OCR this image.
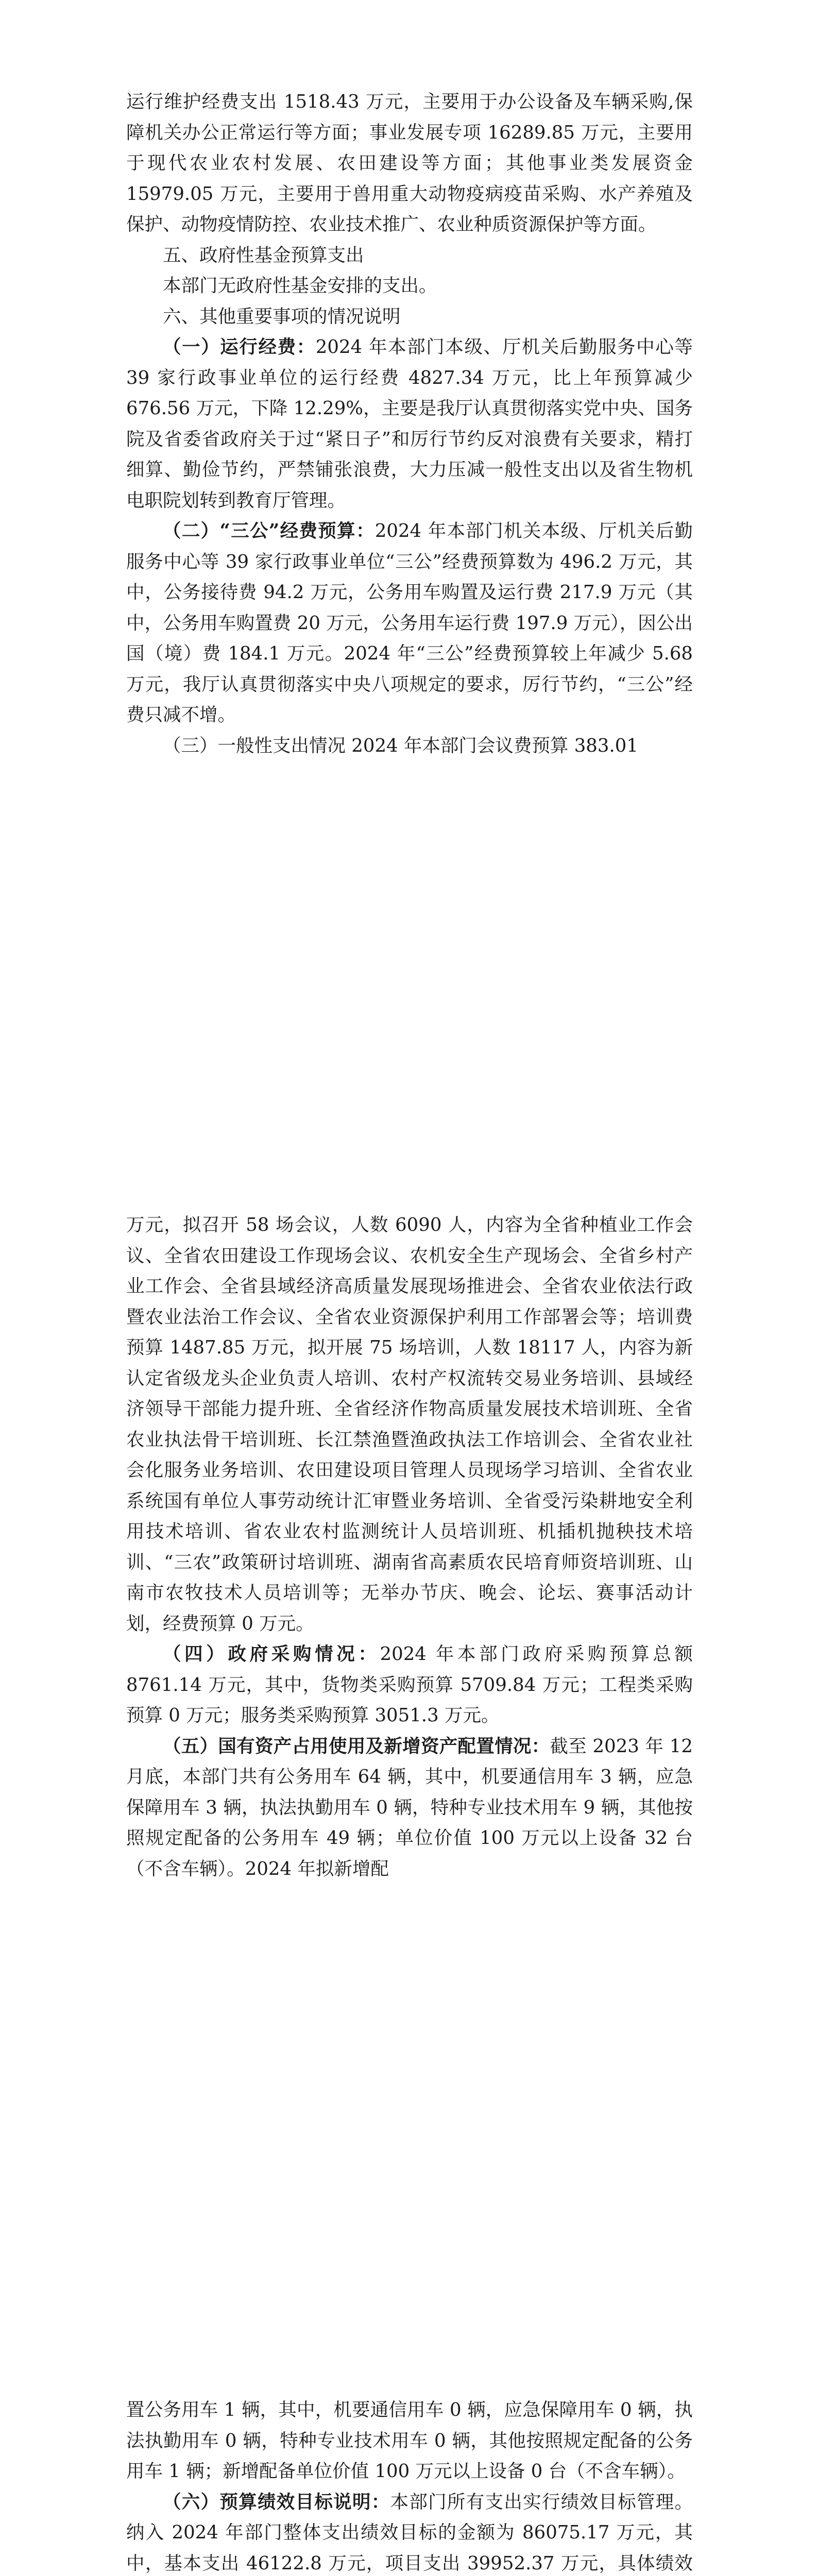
运行维护经费支出 1518.43 万元，主要用于办公设备及车辆采购,保障机关办公正常运行等方面；事业发展专项 16289.85 万元，主要用于现代农业农村发展、农田建设等方面；其他事业类发展资金 15979.05 万元，主要用于兽用重大动物疫病疫苗采购、水产养殖及保护、动物疫情防控、农业技术推广、农业种质资源保护等方面。

五、政府性基金预算支出

本部门无政府性基金安排的支出。

六、其他重要事项的情况说明

（一）运行经费：2024 年本部门本级、厅机关后勤服务中心等 39 家行政事业单位的运行经费 4827.34 万元，比上年预算减少 676.56 万元，下降 12.29%，主要是我厅认真贯彻落实党中央、国务院及省委省政府关于过“紧日子”和厉行节约反对浪费有关要求，精打细算、勤俭节约，严禁铺张浪费，大力压减一般性支出以及省生物机电职院划转到教育厅管理。

（二）“三公”经费预算：2024 年本部门机关本级、厅机关后勤服务中心等 39 家行政事业单位“三公”经费预算数为 496.2 万元，其中，公务接待费 94.2 万元，公务用车购置及运行费 217.9 万元（其中，公务用车购置费 20 万元，公务用车运行费 197.9 万元），因公出国（境）费 184.1 万元。2024 年“三公”经费预算较上年减少 5.68 万元，我厅认真贯彻落实中央八项规定的要求，厉行节约，“三公”经费只减不增。

（三）一般性支出情况 2024 年本部门会议费预算 383.01

万元，拟召开 58 场会议，人数 6090 人，内容为全省种植业工作会议、全省农田建设工作现场会议、农机安全生产现场会、全省乡村产业工作会、全省县域经济高质量发展现场推进会、全省农业依法行政暨农业法治工作会议、全省农业资源保护利用工作部署会等；培训费预算 1487.85 万元，拟开展 75 场培训，人数 18117 人，内容为新认定省级龙头企业负责人培训、农村产权流转交易业务培训、县域经济领导干部能力提升班、全省经济作物高质量发展技术培训班、全省农业执法骨干培训班、长江禁渔暨渔政执法工作培训会、全省农业社会化服务业务培训、农田建设项目管理人员现场学习培训、全省农业系统国有单位人事劳动统计汇审暨业务培训、全省受污染耕地安全利用技术培训、省农业农村监测统计人员培训班、机插机抛秧技术培训、“三农”政策研讨培训班、湖南省高素质农民培育师资培训班、山南市农牧技术人员培训等；无举办节庆、晚会、论坛、赛事活动计划，经费预算 0 万元。

（四）政府采购情况：2024 年本部门政府采购预算总额 8761.14 万元，其中，货物类采购预算 5709.84 万元；工程类采购预算 0 万元；服务类采购预算 3051.3 万元。

（五）国有资产占用使用及新增资产配置情况：截至 2023 年 12 月底，本部门共有公务用车 64 辆，其中，机要通信用车 3 辆，应急保障用车 3 辆，执法执勤用车 0 辆，特种专业技术用车 9 辆，其他按照规定配备的公务用车 49 辆；单位价值 100 万元以上设备 32 台（不含车辆）。2024 年拟新增配

置公务用车 1 辆，其中，机要通信用车 0 辆，应急保障用车 0 辆，执法执勤用车 0 辆，特种专业技术用车 0 辆，其他按照规定配备的公务用车 1 辆；新增配备单位价值 100 万元以上设备 0 台（不含车辆）。

（六）预算绩效目标说明：本部门所有支出实行绩效目标管理。纳入 2024 年部门整体支出绩效目标的金额为 86075.17 万元，其中，基本支出 46122.8 万元，项目支出 39952.37 万元，具体绩效
